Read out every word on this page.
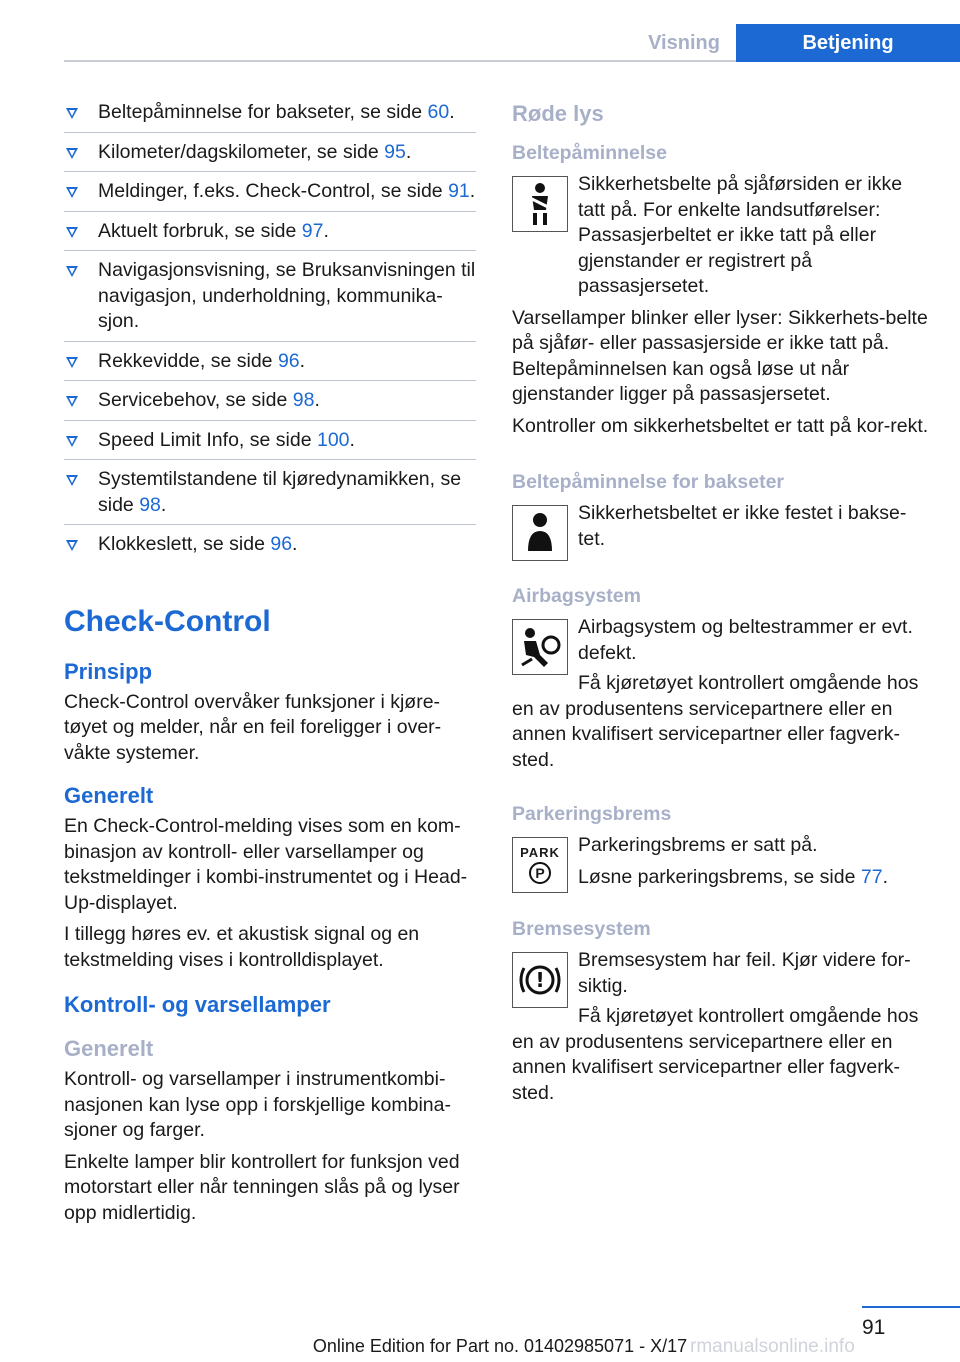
Visning	Betjening
Beltepåminnelse for bakseter, se side 60.
Kilometer/dagskilometer, se side 95.
Meldinger, f.eks. Check-Control, se side 91.
Aktuelt forbruk, se side 97.
Navigasjonsvisning, se Bruksanvisningen til navigasjon, underholdning, kommunika‐sjon.
Rekkevidde, se side 96.
Servicebehov, se side 98.
Speed Limit Info, se side 100.
Systemtilstandene til kjøredynamikken, se side 98.
Klokkeslett, se side 96.
Check-Control
Prinsipp
Check-Control overvåker funksjoner i kjøre‐tøyet og melder, når en feil foreligger i over‐våkte systemer.
Generelt
En Check-Control-melding vises som en kom‐binasjon av kontroll- eller varsellamper og tekstmeldinger i kombi-instrumentet og i Head-Up-displayet.
I tillegg høres ev. et akustisk signal og en tekstmelding vises i kontrolldisplayet.
Kontroll- og varsellamper
Generelt
Kontroll- og varsellamper i instrumentkombi‐nasjonen kan lyse opp i forskjellige kombina‐sjoner og farger.
Enkelte lamper blir kontrollert for funksjon ved motorstart eller når tenningen slås på og lyser opp midlertidig.
Røde lys
Beltepåminnelse
Sikkerhetsbelte på sjåførsiden er ikke tatt på. For enkelte landsutførelser: Passasjerbeltet er ikke tatt på eller gjenstander er registrert på passasjersetet.
Varsellamper blinker eller lyser: Sikkerhets‐belte på sjåfør- eller passasjerside er ikke tatt på. Beltepåminnelsen kan også løse ut når gjenstander ligger på passasjersetet.
Kontroller om sikkerhetsbeltet er tatt på kor‐rekt.
Beltepåminnelse for bakseter
Sikkerhetsbeltet er ikke festet i bakse‐tet.
Airbagsystem
Airbagsystem og beltestrammer er evt. defekt.
Få kjøretøyet kontrollert omgående hos en av produsentens servicepartnere eller en annen kvalifisert servicepartner eller fagverk‐sted.
Parkeringsbrems
PARK
P
Parkeringsbrems er satt på.
Løsne parkeringsbrems, se side 77.
Bremsesystem
!
Bremsesystem har feil. Kjør videre for‐siktig.
Få kjøretøyet kontrollert omgående hos en av produsentens servicepartnere eller en annen kvalifisert servicepartner eller fagverk‐sted.
91
Online Edition for Part no. 01402985071 - X/17 rmanualsonline.info
